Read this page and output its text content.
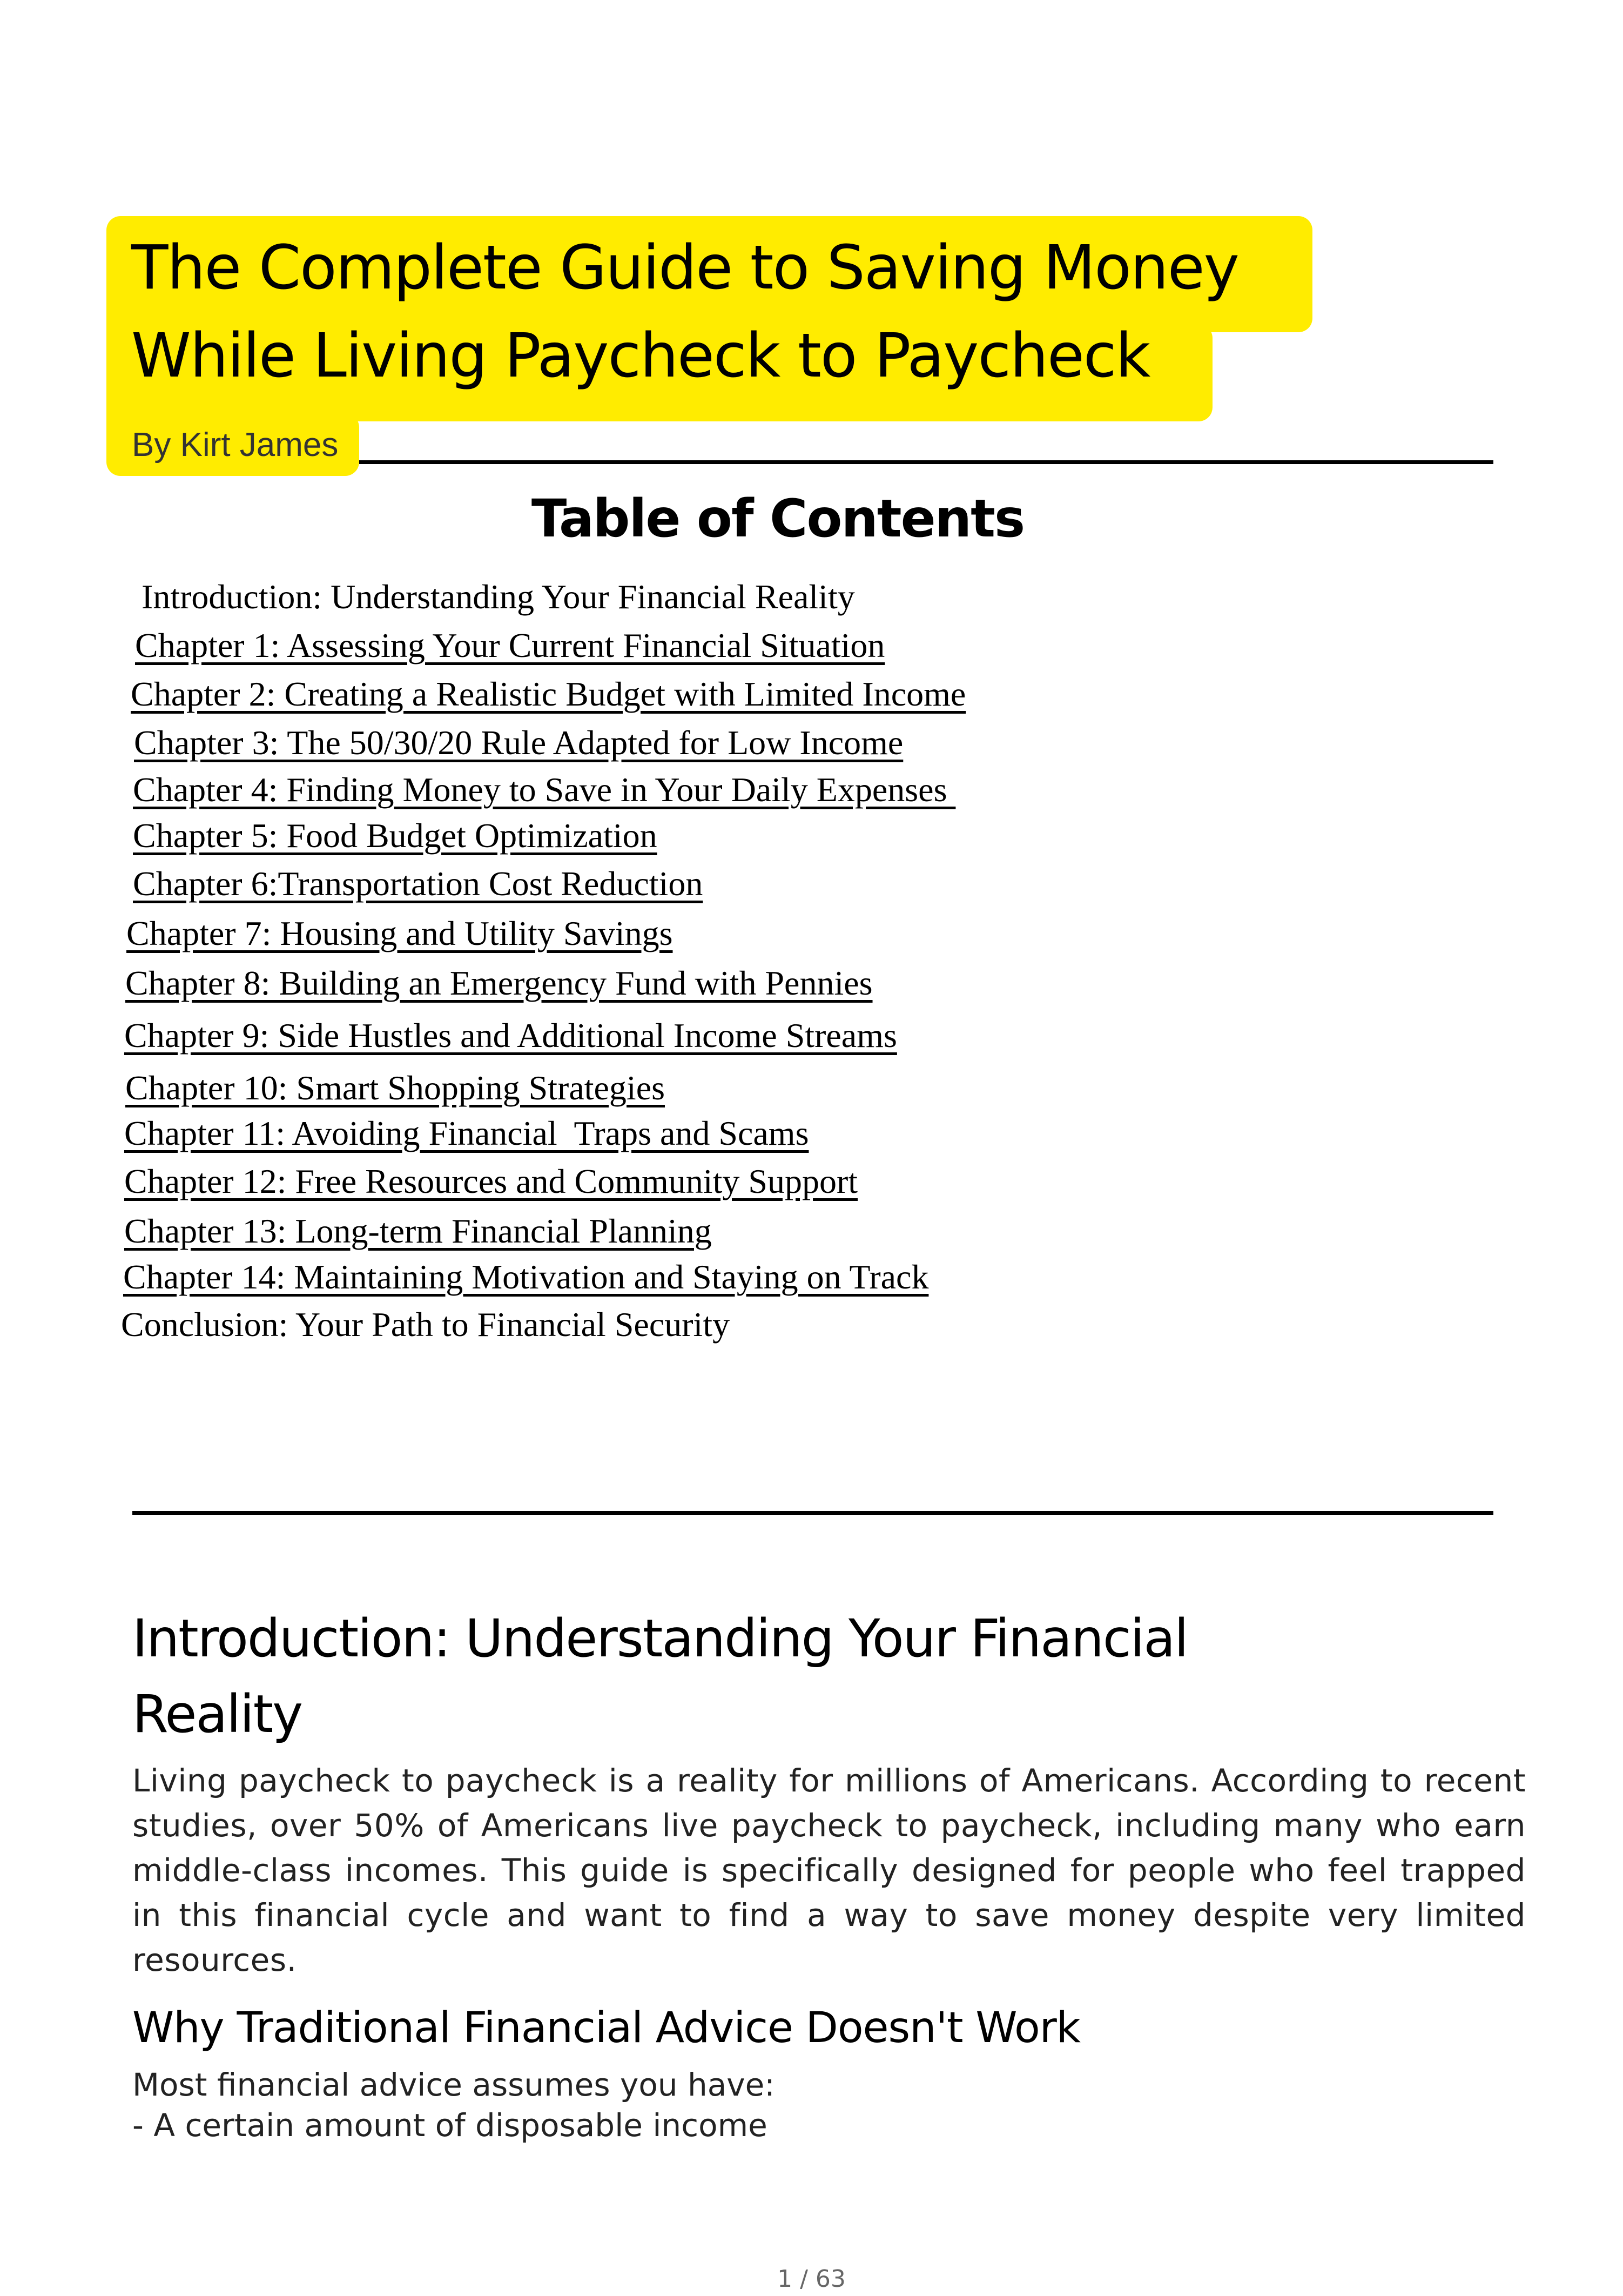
The Complete Guide to Saving Money
While Living Paycheck to Paycheck
By Kirt James
Table of Contents
Introduction: Understanding Your Financial Reality
Chapter 1: Assessing Your Current Financial Situation
Chapter 2: Creating a Realistic Budget with Limited Income
Chapter 3: The 50/30/20 Rule Adapted for Low Income
Chapter 4: Finding Money to Save in Your Daily Expenses
Chapter 5: Food Budget Optimization
Chapter 6:Transportation Cost Reduction
Chapter 7: Housing and Utility Savings
Chapter 8: Building an Emergency Fund with Pennies
Chapter 9: Side Hustles and Additional Income Streams
Chapter 10: Smart Shopping Strategies
Chapter 11: Avoiding Financial  Traps and Scams
Chapter 12: Free Resources and Community Support
Chapter 13: Long-term Financial Planning
Chapter 14: Maintaining Motivation and Staying on Track
Conclusion: Your Path to Financial Security
Introduction: Understanding Your Financial
Reality

Living paycheck to paycheck is a reality for millions of Americans. According to recent studies, over 50% of Americans live paycheck to paycheck, including many who earn middle-class incomes. This guide is specifically designed for people who feel trapped in this financial cycle and want to find a way to save money despite very limited resources.

Why Traditional Financial Advice Doesn't Work
Most financial advice assumes you have:
- A certain amount of disposable income
1 / 63
